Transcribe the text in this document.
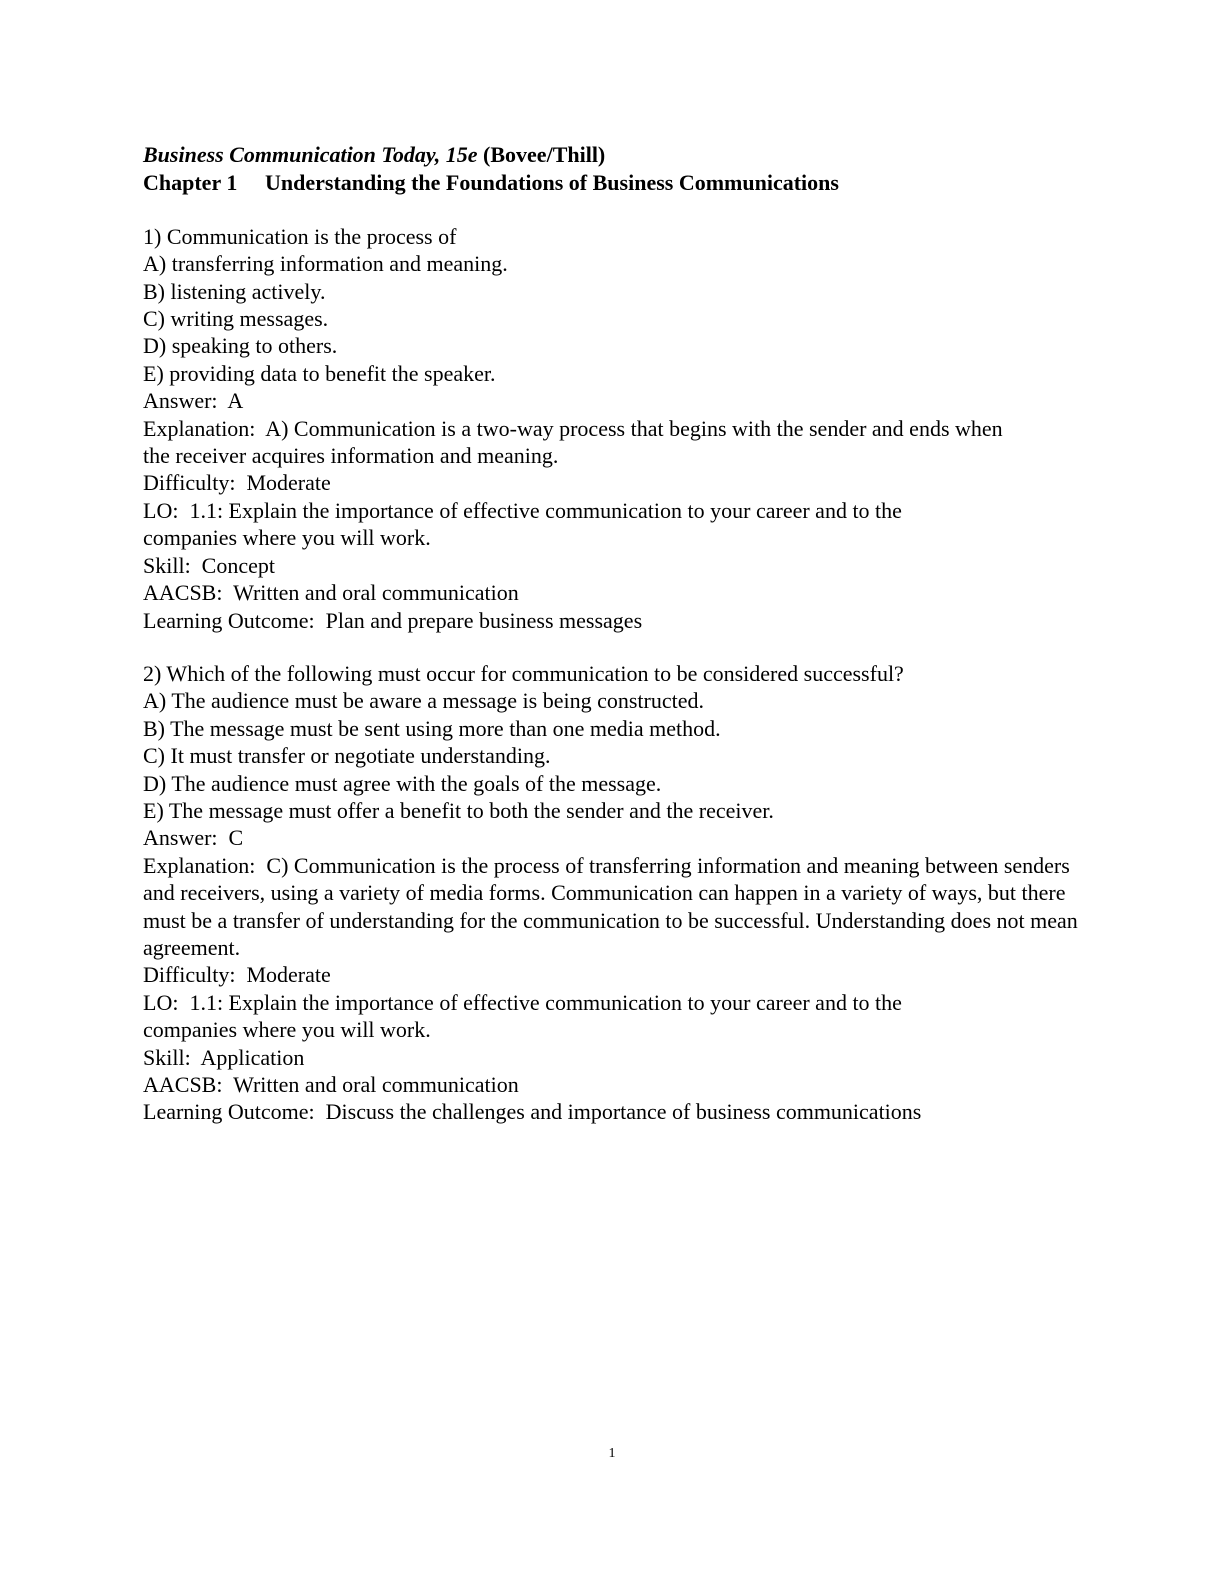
Business Communication Today, 15e (Bovee/Thill)
Chapter 1 Understanding the Foundations of Business Communications
1) Communication is the process of
A) transferring information and meaning.
B) listening actively.
C) writing messages.
D) speaking to others.
E) providing data to benefit the speaker.
Answer:  A
Explanation:  A) Communication is a two-way process that begins with the sender and ends when the receiver acquires information and meaning.
Difficulty:  Moderate
LO:  1.1: Explain the importance of effective communication to your career and to the companies where you will work.
Skill:  Concept
AACSB:  Written and oral communication
Learning Outcome:  Plan and prepare business messages
2) Which of the following must occur for communication to be considered successful?
A) The audience must be aware a message is being constructed.
B) The message must be sent using more than one media method.
C) It must transfer or negotiate understanding.
D) The audience must agree with the goals of the message.
E) The message must offer a benefit to both the sender and the receiver.
Answer:  C
Explanation:  C) Communication is the process of transferring information and meaning between senders and receivers, using a variety of media forms. Communication can happen in a variety of ways, but there must be a transfer of understanding for the communication to be successful. Understanding does not mean agreement.
Difficulty:  Moderate
LO:  1.1: Explain the importance of effective communication to your career and to the companies where you will work.
Skill:  Application
AACSB:  Written and oral communication
Learning Outcome:  Discuss the challenges and importance of business communications
1
